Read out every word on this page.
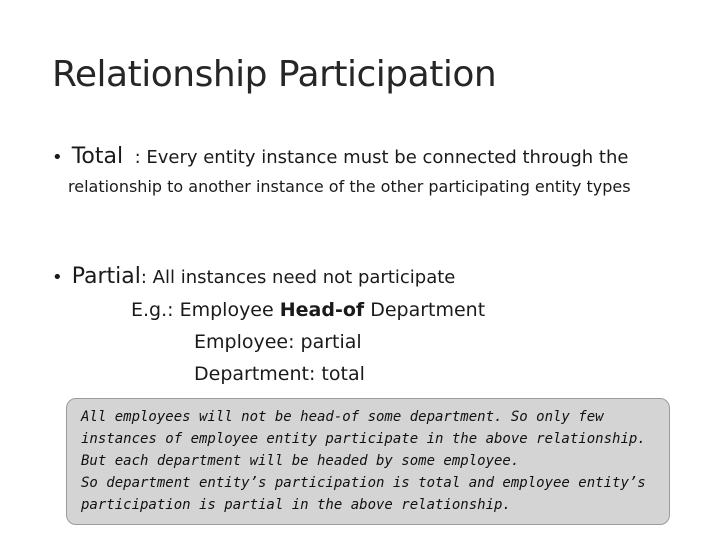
Relationship Participation
• Total  : Every entity instance must be connected through the
relationship to another instance of the other participating entity types
• Partial: All instances need not participate
E.g.: Employee Head-of Department
Employee: partial
Department: total
All employees will not be head-of some department. So only few
instances of employee entity participate in the above relationship.
But each department will be headed by some employee.
So department entity’s participation is total and employee entity’s
participation is partial in the above relationship.
